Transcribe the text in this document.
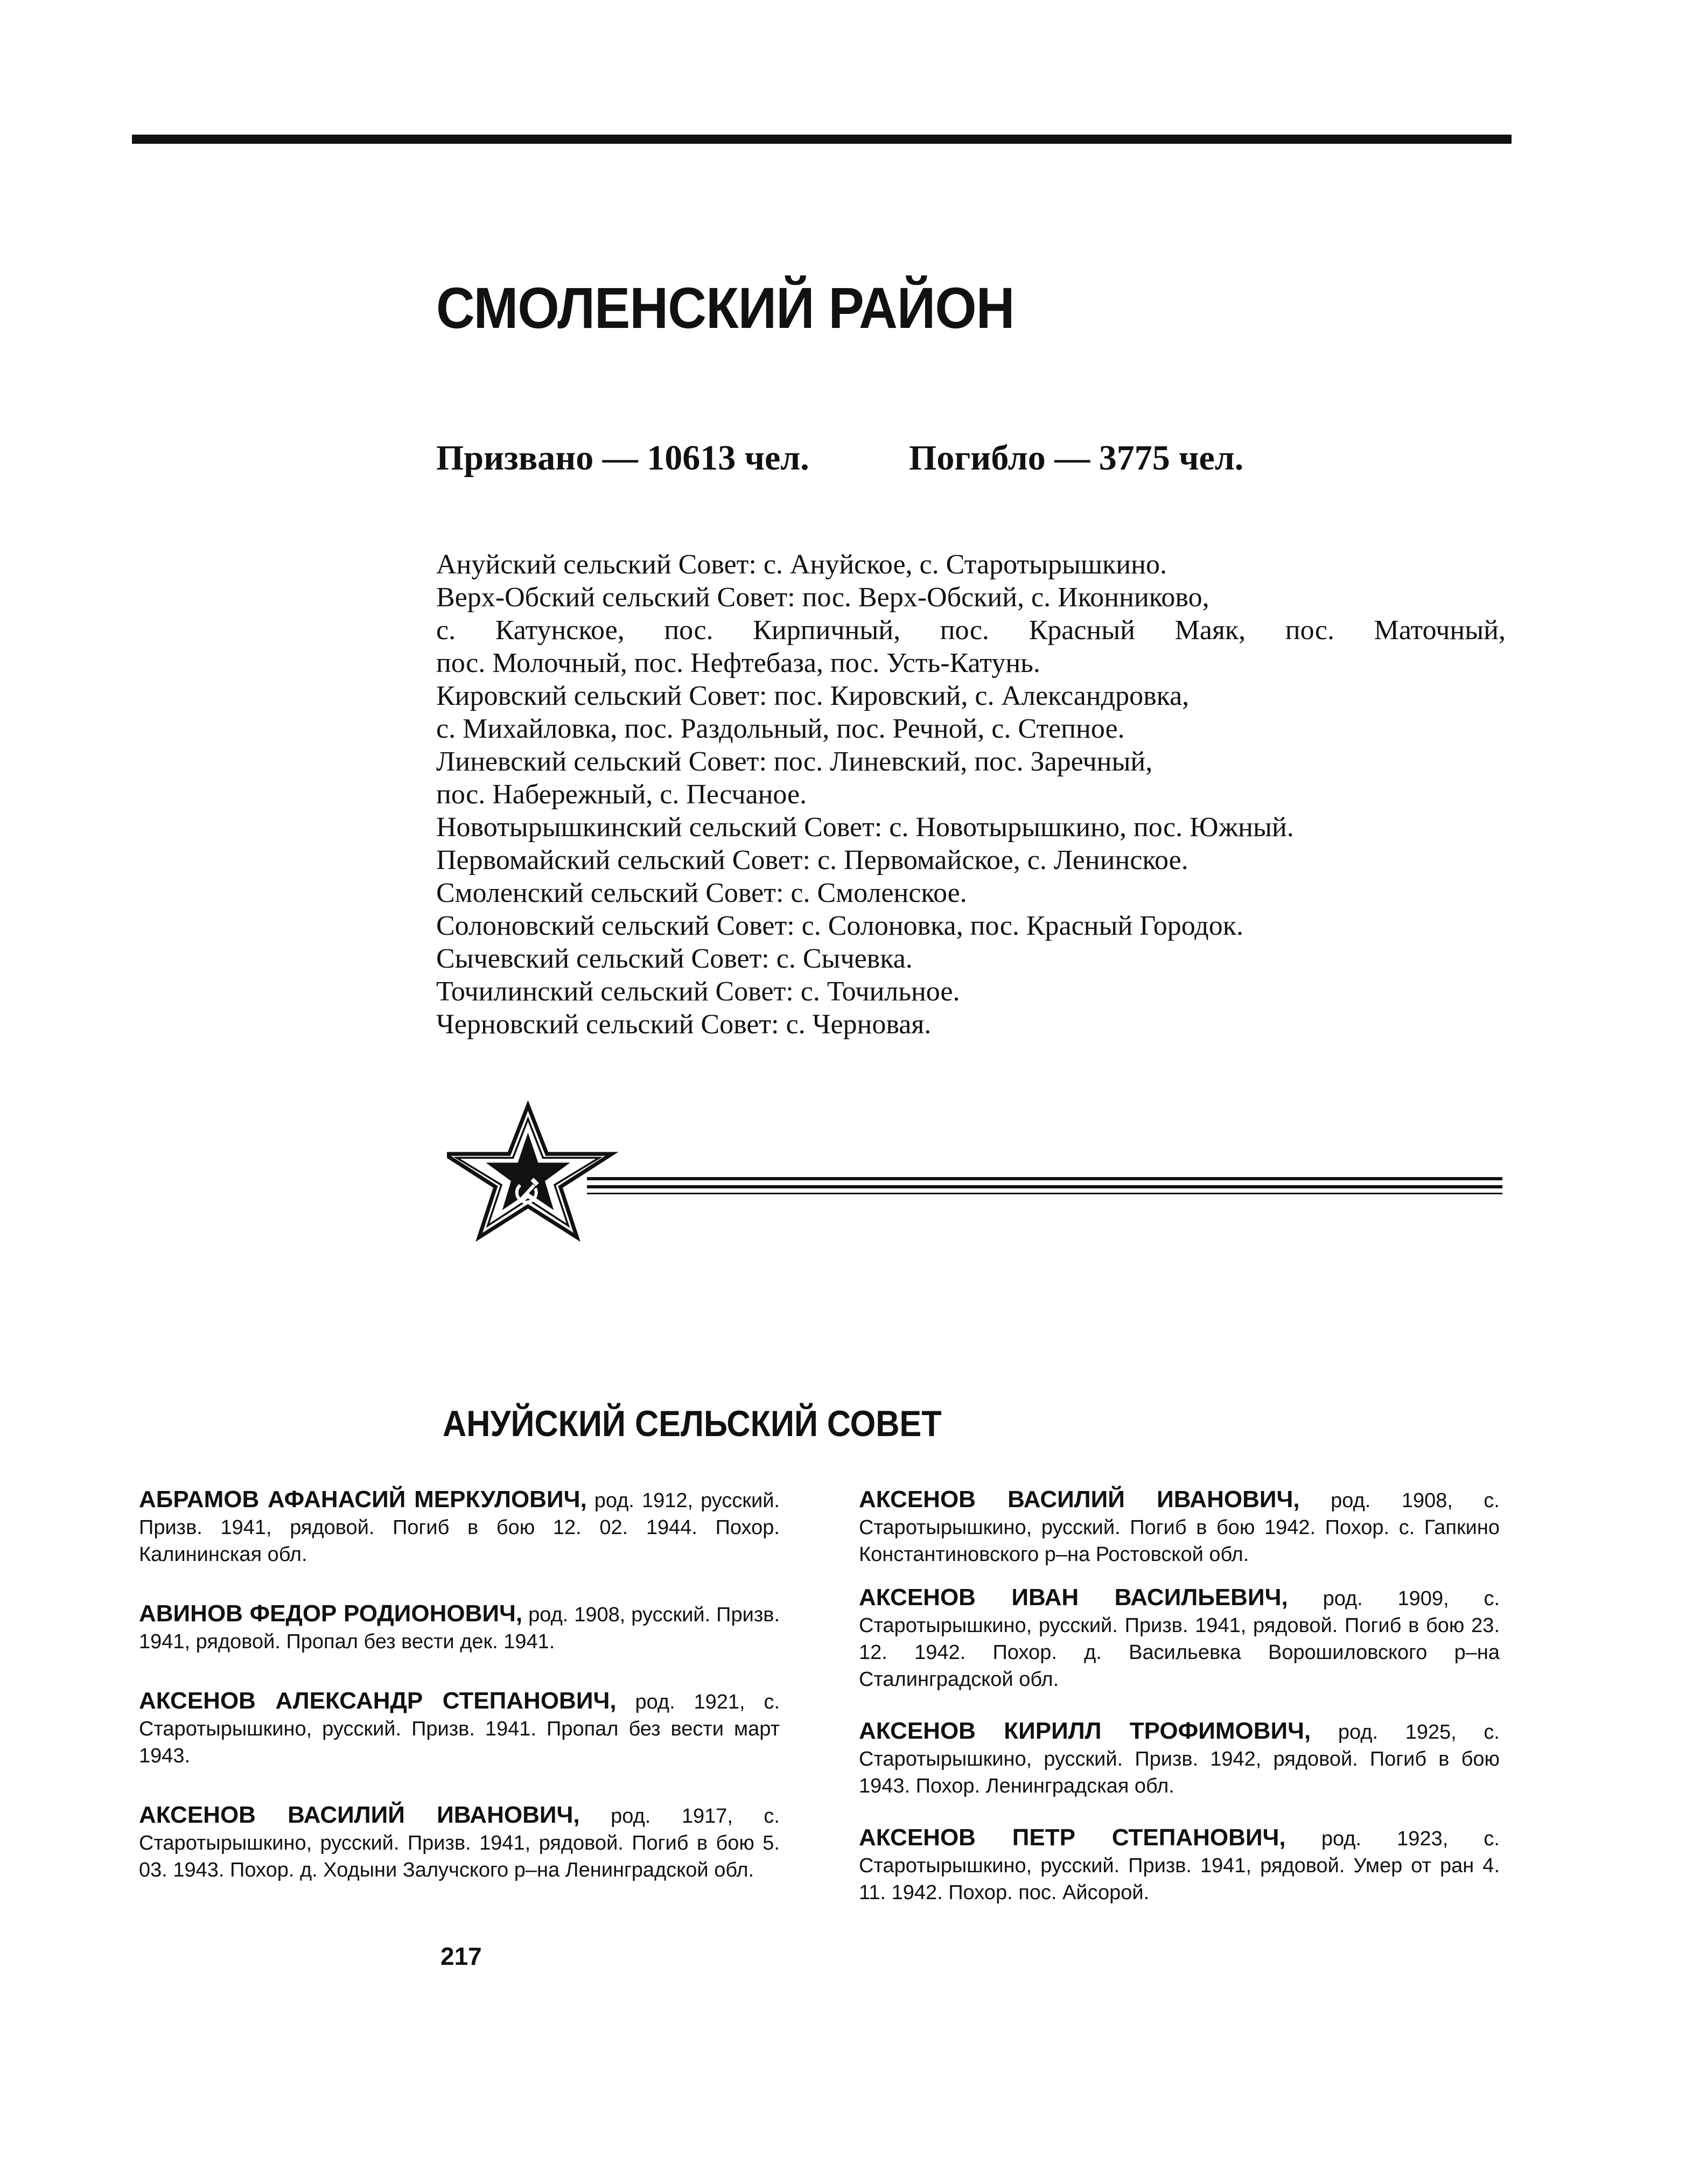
СМОЛЕНСКИЙ РАЙОН
Призвано — 10613 чел.	Погибло — 3775 чел.
Ануйский сельский Совет: с. Ануйское, с. Старотырышкино.
Верх-Обский сельский Совет: пос. Верх-Обский, с. Иконниково,
с. Катунское, пос. Кирпичный, пос. Красный Маяк, пос. Маточный,
пос. Молочный, пос. Нефтебаза, пос. Усть-Катунь.
Кировский сельский Совет: пос. Кировский, с. Александровка,
с. Михайловка, пос. Раздольный, пос. Речной, с. Степное.
Линевский сельский Совет: пос. Линевский, пос. Заречный,
пос. Набережный, с. Песчаное.
Новотырышкинский сельский Совет: с. Новотырышкино, пос. Южный.
Первомайский сельский Совет: с. Первомайское, с. Ленинское.
Смоленский сельский Совет: с. Смоленское.
Солоновский сельский Совет: с. Солоновка, пос. Красный Городок.
Сычевский сельский Совет: с. Сычевка.
Точилинский сельский Совет: с. Точильное.
Черновский сельский Совет: с. Черновая.
АНУЙСКИЙ СЕЛЬСКИЙ СОВЕТ

АБРАМОВ АФАНАСИЙ МЕРКУЛОВИЧ, род. 1912, русский. Призв. 1941, рядовой. Погиб в бою 12. 02. 1944. Похор. Калининская обл.

АВИНОВ ФЕДОР РОДИОНОВИЧ, род. 1908, русский. Призв. 1941, рядовой. Пропал без вести дек. 1941.

АКСЕНОВ АЛЕКСАНДР СТЕПАНОВИЧ, род. 1921, с. Старотырышкино, русский. Призв. 1941. Пропал без вести март 1943.

АКСЕНОВ ВАСИЛИЙ ИВАНОВИЧ, род. 1917, с. Старотырышкино, русский. Призв. 1941, рядовой. Погиб в бою 5. 03. 1943. Похор. д. Ходыни Залучского р–на Ленинградской обл.

АКСЕНОВ ВАСИЛИЙ ИВАНОВИЧ, род. 1908, с. Старотырышкино, русский. Погиб в бою 1942. Похор. с. Гапкино Константиновского р–на Ростовской обл.

АКСЕНОВ ИВАН ВАСИЛЬЕВИЧ, род. 1909, с. Старотырышкино, русский. Призв. 1941, рядовой. Погиб в бою 23. 12. 1942. Похор. д. Васильевка Ворошиловского р–на Сталинградской обл.

АКСЕНОВ КИРИЛЛ ТРОФИМОВИЧ, род. 1925, с. Старотырышкино, русский. Призв. 1942, рядовой. Погиб в бою 1943. Похор. Ленинградская обл.

АКСЕНОВ ПЕТР СТЕПАНОВИЧ, род. 1923, с. Старотырышкино, русский. Призв. 1941, рядовой. Умер от ран 4. 11. 1942. Похор. пос. Айсорой.

217
